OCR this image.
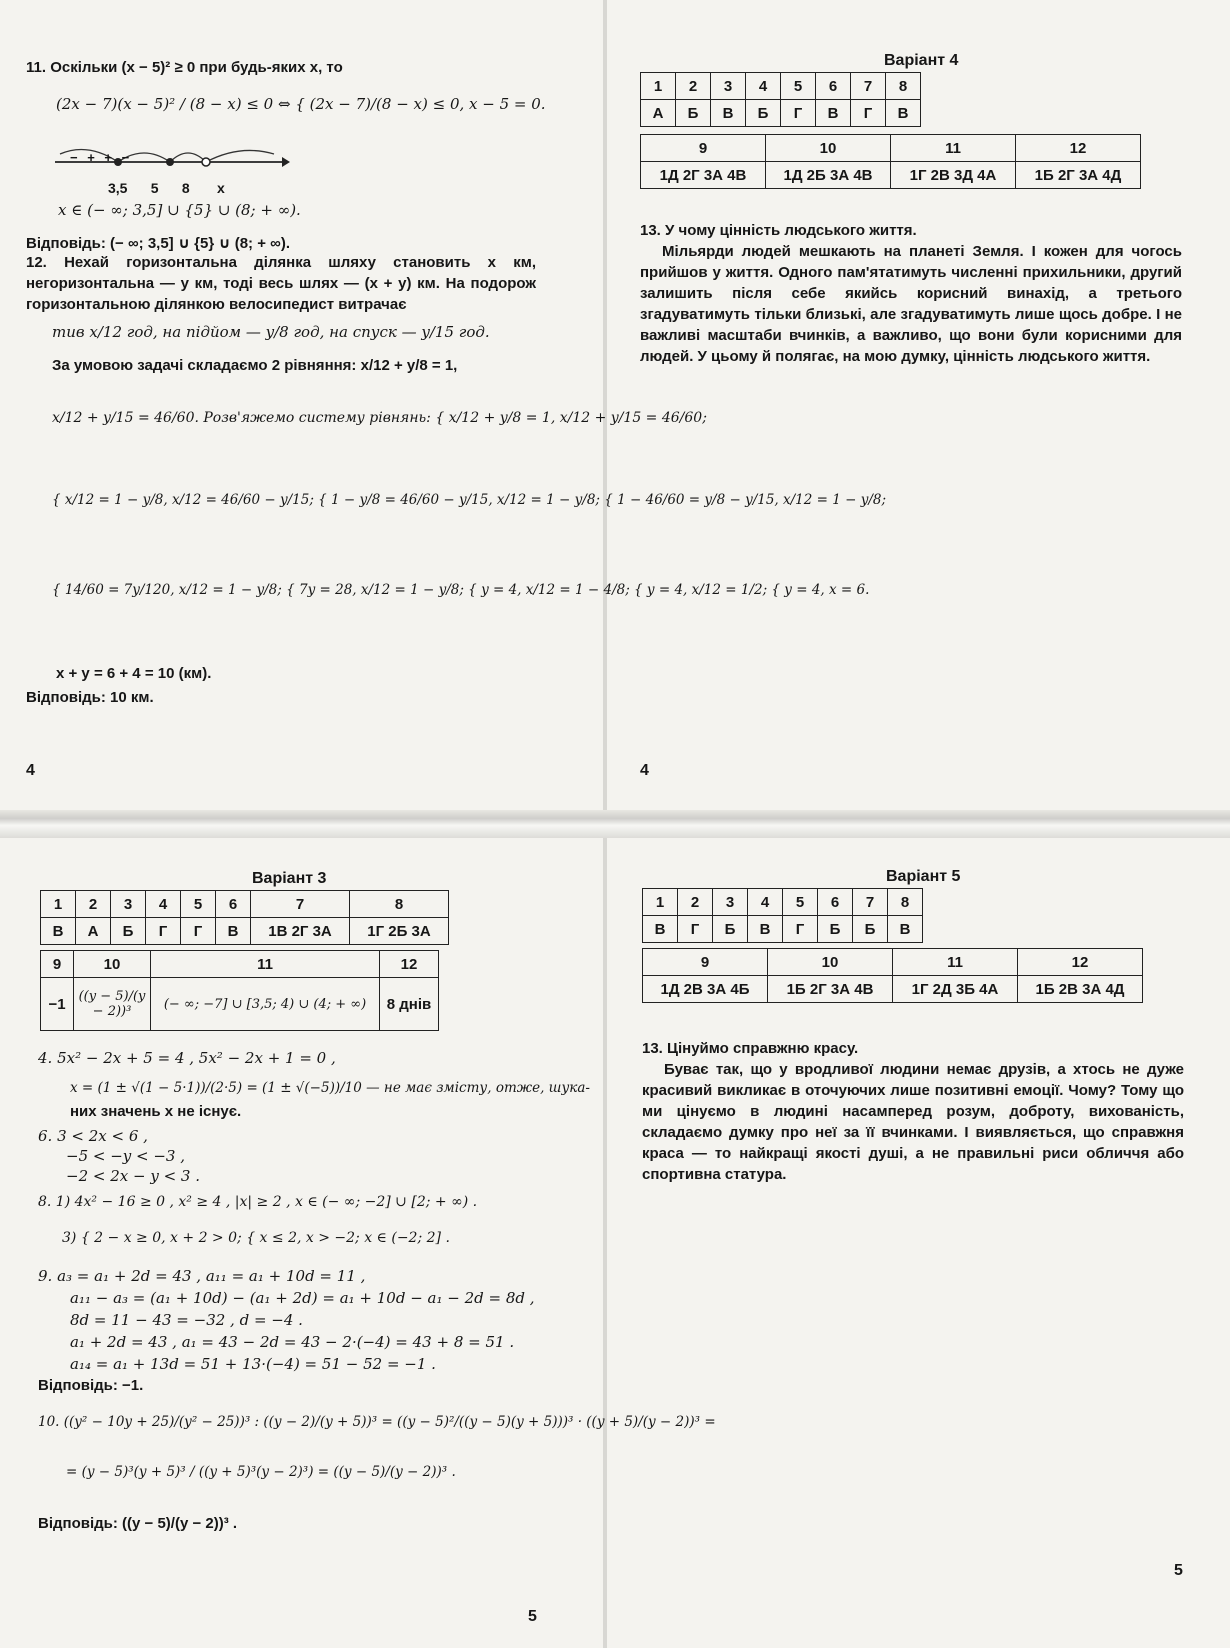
11. Оскільки (x − 5)² ≥ 0 при будь-яких x, то
(2x − 7)(x − 5)² / (8 − x) ≤ 0 ⇔ { (2x − 7)/(8 − x) ≤ 0, x − 5 = 0.
− + + −
3,5      5      8       x
x ∈ (− ∞; 3,5] ∪ {5} ∪ (8; + ∞).
Відповідь: (− ∞; 3,5] ∪ {5} ∪ (8; + ∞).

12. Нехай горизонтальна ділянка шляху становить x км, негоризонтальна — y км, тоді весь шлях — (x + y) км. На подорож горизонтальною ділянкою велосипедист витрачає

тив x/12 год, на підйом — y/8 год, на спуск — y/15 год.
За умовою задачі складаємо 2 рівняння: x/12 + y/8 = 1,
x/12 + y/15 = 46/60. Розв'яжемо систему рівнянь: { x/12 + y/8 = 1, x/12 + y/15 = 46/60;
{ x/12 = 1 − y/8, x/12 = 46/60 − y/15; { 1 − y/8 = 46/60 − y/15, x/12 = 1 − y/8; { 1 − 46/60 = y/8 − y/15, x/12 = 1 − y/8;
{ 14/60 = 7y/120, x/12 = 1 − y/8; { 7y = 28, x/12 = 1 − y/8; { y = 4, x/12 = 1 − 4/8; { y = 4, x/12 = 1/2; { y = 4, x = 6.
x + y = 6 + 4 = 10 (км).
Відповідь: 10 км.
4
Варіант 4
1	2	3	4	5	6	7	8
А	Б	В	Б	Г	В	Г	В
9	10	11	12
1Д 2Г 3А 4В	1Д 2Б 3А 4В	1Г 2В 3Д 4А	1Б 2Г 3А 4Д

13. У чому цінність людського життя.

Мільярди людей мешкають на планеті Земля. І кожен для чогось прийшов у життя. Одного пам'ятатимуть численні прихильники, другий залишить після себе якийсь корисний винахід, а третього згадуватимуть тільки близькі, але згадуватимуть лише щось добре. І не важливі масштаби вчинків, а важливо, що вони були корисними для людей. У цьому й полягає, на мою думку, цінність людського життя.

4
Варіант 3
1	2	3	4	5	6	7	8
В	А	Б	Г	Г	В	1В 2Г 3А	1Г 2Б 3А
9	10	11	12
−1	((y − 5)/(y − 2))³	(− ∞; −7] ∪ [3,5; 4) ∪ (4; + ∞)	8 днів
4. 5x² − 2x + 5 = 4 , 5x² − 2x + 1 = 0 ,
x = (1 ± √(1 − 5·1))/(2·5) = (1 ± √(−5))/10 — не має змісту, отже, шука-
них значень x не існує.
6. 3 < 2x < 6 ,
−5 < −y < −3 ,
−2 < 2x − y < 3 .
8. 1) 4x² − 16 ≥ 0 , x² ≥ 4 , |x| ≥ 2 , x ∈ (− ∞; −2] ∪ [2; + ∞) .
3) { 2 − x ≥ 0, x + 2 > 0; { x ≤ 2, x > −2; x ∈ (−2; 2] .
9. a₃ = a₁ + 2d = 43 , a₁₁ = a₁ + 10d = 11 ,
a₁₁ − a₃ = (a₁ + 10d) − (a₁ + 2d) = a₁ + 10d − a₁ − 2d = 8d ,
8d = 11 − 43 = −32 , d = −4 .
a₁ + 2d = 43 , a₁ = 43 − 2d = 43 − 2·(−4) = 43 + 8 = 51 .
a₁₄ = a₁ + 13d = 51 + 13·(−4) = 51 − 52 = −1 .
Відповідь: −1.
10. ((y² − 10y + 25)/(y² − 25))³ : ((y − 2)/(y + 5))³ = ((y − 5)²/((y − 5)(y + 5)))³ · ((y + 5)/(y − 2))³ =
= (y − 5)³(y + 5)³ / ((y + 5)³(y − 2)³) = ((y − 5)/(y − 2))³ .
Відповідь: ((y − 5)/(y − 2))³ .
5
Варіант 5
1	2	3	4	5	6	7	8
В	Г	Б	В	Г	Б	Б	В
9	10	11	12
1Д 2В 3А 4Б	1Б 2Г 3А 4В	1Г 2Д 3Б 4А	1Б 2В 3А 4Д

13. Цінуймо справжню красу.

Буває так, що у вродливої людини немає друзів, а хтось не дуже красивий викликає в оточуючих лише позитивні емоції. Чому? Тому що ми цінуємо в людині насамперед розум, доброту, вихованість, складаємо думку про неї за її вчинками. І виявляється, що справжня краса — то найкращі якості душі, а не правильні риси обличчя або спортивна статура.

5
